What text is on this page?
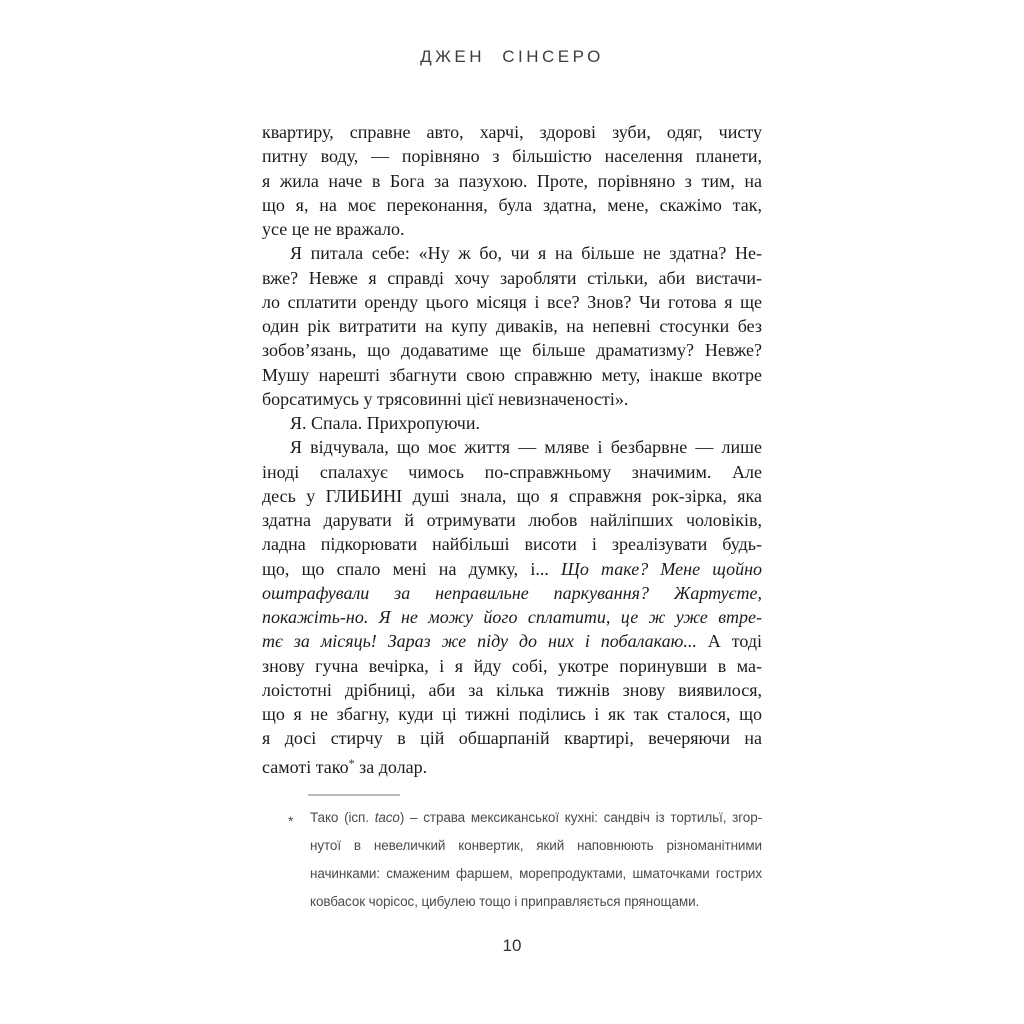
ДЖЕН СІНСЕРО
квартиру, справне авто, харчі, здорові зуби, одяг, чисту
питну воду, — порівняно з більшістю населення планети,
я жила наче в Бога за пазухою. Проте, порівняно з тим, на
що я, на моє переконання, була здатна, мене, скажімо так,
усе це не вражало.
Я питала себе: «Ну ж бо, чи я на більше не здатна? Не-
вже? Невже я справді хочу заробляти стільки, аби вистачи-
ло сплатити оренду цього місяця і все? Знов? Чи готова я ще
один рік витратити на купу диваків, на непевні стосунки без
зобов’язань, що додаватиме ще більше драматизму? Невже?
Мушу нарешті збагнути свою справжню мету, інакше вкотре
борсатимусь у трясовинні цієї невизначеності».
Я. Спала. Прихропуючи.
Я відчувала, що моє життя — мляве і безбарвне — лише
іноді спалахує чимось по-справжньому значимим. Але
десь у ГЛИБИНІ душі знала, що я справжня рок-зірка, яка
здатна дарувати й отримувати любов найліпших чоловіків,
ладна підкорювати найбільші висоти і зреалізувати будь-
що, що спало мені на думку, і... Що таке? Мене щойно
оштрафували за неправильне паркування? Жартуєте,
покажіть-но. Я не можу його сплатити, це ж уже втре-
тє за місяць! Зараз же піду до них і побалакаю... А тоді
знову гучна вечірка, і я йду собі, укотре поринувши в ма-
лоістотні дрібниці, аби за кілька тижнів знову виявилося,
що я не збагну, куди ці тижні поділись і як так сталося, що
я досі стирчу в цій обшарпаній квартирі, вечеряючи на
самоті тако* за долар.
*	Тако (ісп. taco) – страва мексиканської кухні: сандвіч із тортильї, згор-
нутої в невеличкий конвертик, який наповнюють різноманітними
начинками: смаженим фаршем, морепродуктами, шматочками гострих
ковбасок чорісос, цибулею тощо і приправляється прянощами.
10
